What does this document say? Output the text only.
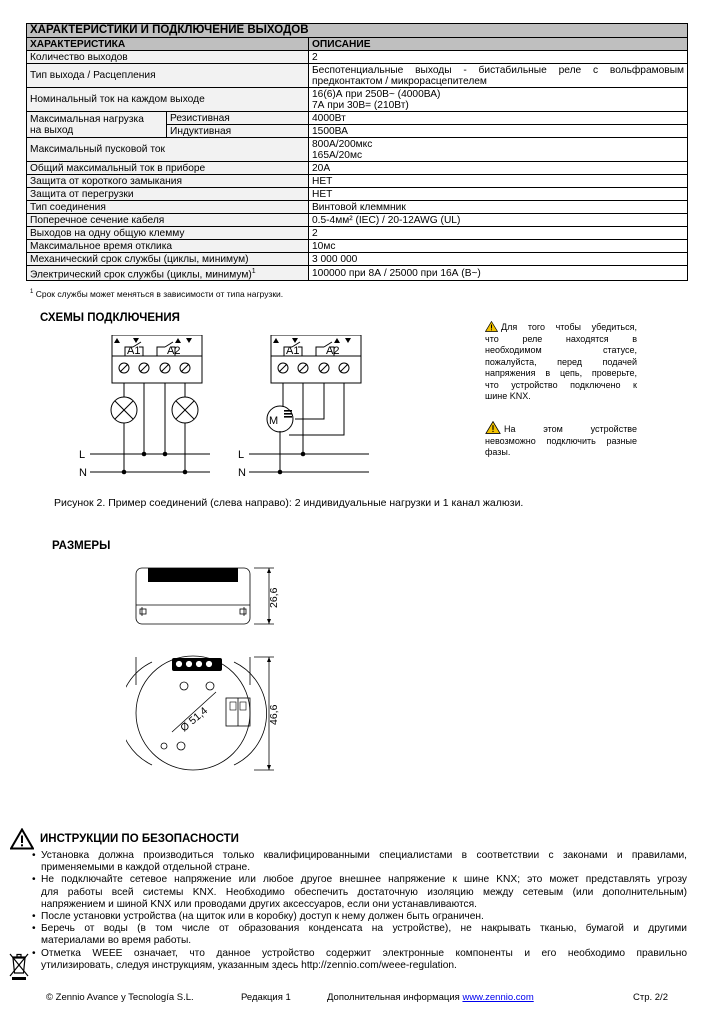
ХАРАКТЕРИСТИКИ И ПОДКЛЮЧЕНИЕ ВЫХОДОВ		
ХАРАКТЕРИСТИКА		ОПИСАНИЕ
Количество выходов		2
Тип выхода / Расцепления		Беспотенциальные выходы - бистабильные реле с вольфрамовым
предконтактом / микрорасцепителем

Номинальный ток на каждом выходе		16(6)А при 250В~ (4000ВА)
7А при 30В= (210Вт)

Максимальная нагрузка
на выход	Резистивная	4000Вт
	Индуктивная	1500ВА
Максимальный пусковой ток		800А/200мкс
165А/20мс

Общий максимальный ток в приборе		20А
Защита от короткого замыкания		НЕТ
Защита от перегрузки		НЕТ
Тип соединения		Винтовой клеммник
Поперечное сечение кабеля		0.5-4мм² (IEC) / 20-12AWG (UL)
Выходов на одну общую клемму		2
Максимальное время отклика		10мс
Механический срок службы (циклы, минимум)		3 000 000
Электрический срок службы (циклы, минимум)$^1$		100000 при 8А / 25000 при 16А (В~)
$^1$ Срок службы может меняться в зависимости от типа нагрузки.
СХЕМЫ ПОДКЛЮЧЕНИЯ
A1 A2	A1 A2
L
N
L
N
M
Для того чтобы убедиться,
что реле находятся в
необходимом статусе,
пожалуйста, перед подачей
напряжения в цепь, проверьте,
что устройство подключено к
шине KNX.
На этом устройстве
невозможно подключить разные
фазы.
Рисунок 2. Пример соединений (слева направо): 2 индивидуальные нагрузки и 1 канал жалюзи.
РАЗМЕРЫ
26,6
Ø 51,4	46,6
ИНСТРУКЦИИ ПО БЕЗОПАСНОСТИ
• Установка должна производиться только квалифицированными специалистами в соответствии с законами и правилами,
применяемыми в каждой отдельной стране.
• Не подключайте сетевое напряжение или любое другое внешнее напряжение к шине KNX; это может представлять угрозу
для работы всей системы KNX. Необходимо обеспечить достаточную изоляцию между сетевым (или дополнительным)
напряжением и шиной KNX или проводами других аксессуаров, если они устанавливаются.
• После установки устройства (на щиток или в коробку) доступ к нему должен быть ограничен.
• Беречь от воды (в том числе от образования конденсата на устройстве), не накрывать тканью, бумагой и другими
материалами во время работы.
• Отметка WEEE означает, что данное устройство содержит электронные компоненты и его необходимо правильно
утилизировать, следуя инструкциям, указанным здесь http://zennio.com/weee-regulation.
© Zennio Avance y Tecnología S.L.	Редакция 1	Дополнительная информация www.zennio.com	Стр. 2/2
